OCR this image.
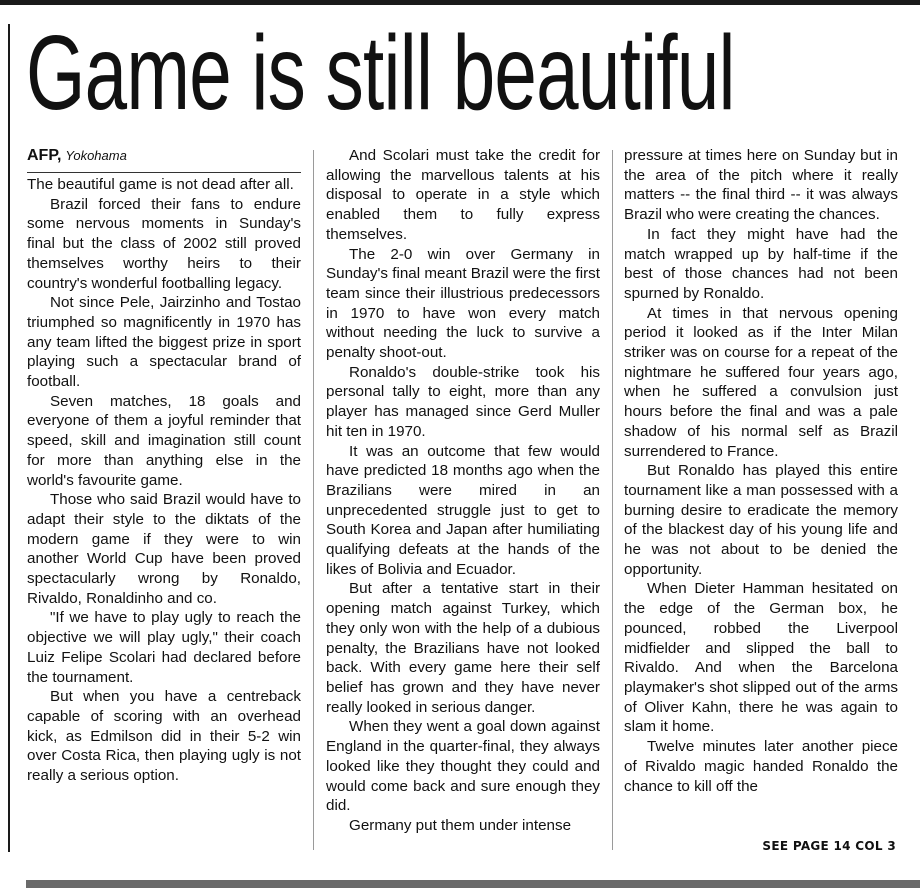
Game is still beautiful
AFP, Yokohama

The beautiful game is not dead after all.

Brazil forced their fans to endure some nervous moments in Sunday's final but the class of 2002 still proved themselves worthy heirs to their country's wonderful footballing legacy.

Not since Pele, Jairzinho and Tostao triumphed so magnificently in 1970 has any team lifted the biggest prize in sport playing such a spectacular brand of football.

Seven matches, 18 goals and everyone of them a joyful reminder that speed, skill and imagination still count for more than anything else in the world's favourite game.

Those who said Brazil would have to adapt their style to the diktats of the modern game if they were to win another World Cup have been proved spectacularly wrong by Ronaldo, Rivaldo, Ronaldinho and co.

"If we have to play ugly to reach the objective we will play ugly," their coach Luiz Felipe Scolari had declared before the tournament.

But when you have a centreback capable of scoring with an overhead kick, as Edmilson did in their 5-2 win over Costa Rica, then playing ugly is not really a serious option.

And Scolari must take the credit for allowing the marvellous talents at his disposal to operate in a style which enabled them to fully express themselves.

The 2-0 win over Germany in Sunday's final meant Brazil were the first team since their illustrious predecessors in 1970 to have won every match without needing the luck to survive a penalty shoot-out.

Ronaldo's double-strike took his personal tally to eight, more than any player has managed since Gerd Muller hit ten in 1970.

It was an outcome that few would have predicted 18 months ago when the Brazilians were mired in an unprecedented struggle just to get to South Korea and Japan after humiliating qualifying defeats at the hands of the likes of Bolivia and Ecuador.

But after a tentative start in their opening match against Turkey, which they only won with the help of a dubious penalty, the Brazilians have not looked back. With every game here their self belief has grown and they have never really looked in serious danger.

When they went a goal down against England in the quarter-final, they always looked like they thought they could and would come back and sure enough they did.

Germany put them under intense

pressure at times here on Sunday but in the area of the pitch where it really matters -- the final third -- it was always Brazil who were creating the chances.

In fact they might have had the match wrapped up by half-time if the best of those chances had not been spurned by Ronaldo.

At times in that nervous opening period it looked as if the Inter Milan striker was on course for a repeat of the nightmare he suffered four years ago, when he suffered a convulsion just hours before the final and was a pale shadow of his normal self as Brazil surrendered to France.

But Ronaldo has played this entire tournament like a man possessed with a burning desire to eradicate the memory of the blackest day of his young life and he was not about to be denied the opportunity.

When Dieter Hamman hesitated on the edge of the German box, he pounced, robbed the Liverpool midfielder and slipped the ball to Rivaldo. And when the Barcelona playmaker's shot slipped out of the arms of Oliver Kahn, there he was again to slam it home.

Twelve minutes later another piece of Rivaldo magic handed Ronaldo the chance to kill off the

SEE PAGE 14 COL 3
